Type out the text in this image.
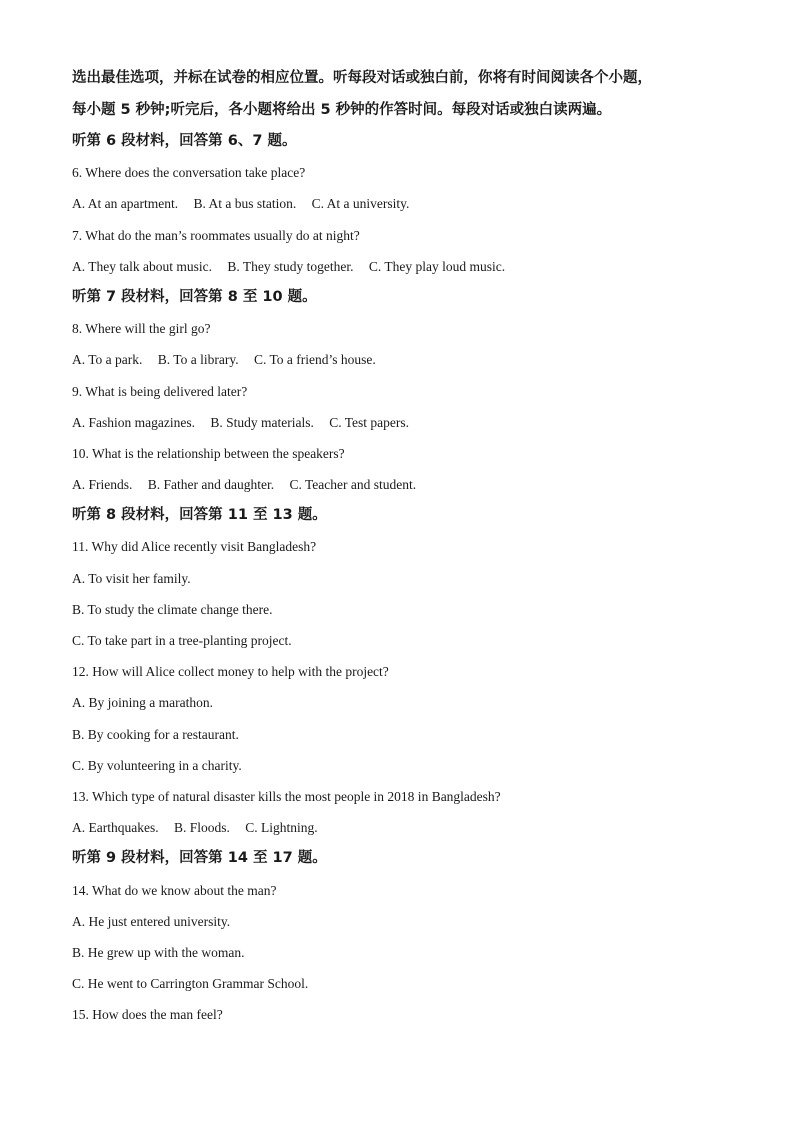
选出最佳选项，并标在试卷的相应位置。听每段对话或独白前，你将有时间阅读各个小题，

每小题 5 秒钟;听完后，各小题将给出 5 秒钟的作答时间。每段对话或独白读两遍。

听第 6 段材料，回答第 6、7 题。

6. Where does the conversation take place?

A. At an apartment. B. At a bus station. C. At a university.

7. What do the man’s roommates usually do at night?

A. They talk about music. B. They study together. C. They play loud music.

听第 7 段材料，回答第 8 至 10 题。

8. Where will the girl go?

A. To a park. B. To a library. C. To a friend’s house.

9. What is being delivered later?

A. Fashion magazines. B. Study materials. C. Test papers.

10. What is the relationship between the speakers?

A. Friends. B. Father and daughter. C. Teacher and student.

听第 8 段材料，回答第 11 至 13 题。

11. Why did Alice recently visit Bangladesh?

A. To visit her family.

B. To study the climate change there.

C. To take part in a tree-planting project.

12. How will Alice collect money to help with the project?

A. By joining a marathon.

B. By cooking for a restaurant.

C. By volunteering in a charity.

13. Which type of natural disaster kills the most people in 2018 in Bangladesh?

A. Earthquakes. B. Floods. C. Lightning.

听第 9 段材料，回答第 14 至 17 题。

14. What do we know about the man?

A. He just entered university.

B. He grew up with the woman.

C. He went to Carrington Grammar School.

15. How does the man feel?
